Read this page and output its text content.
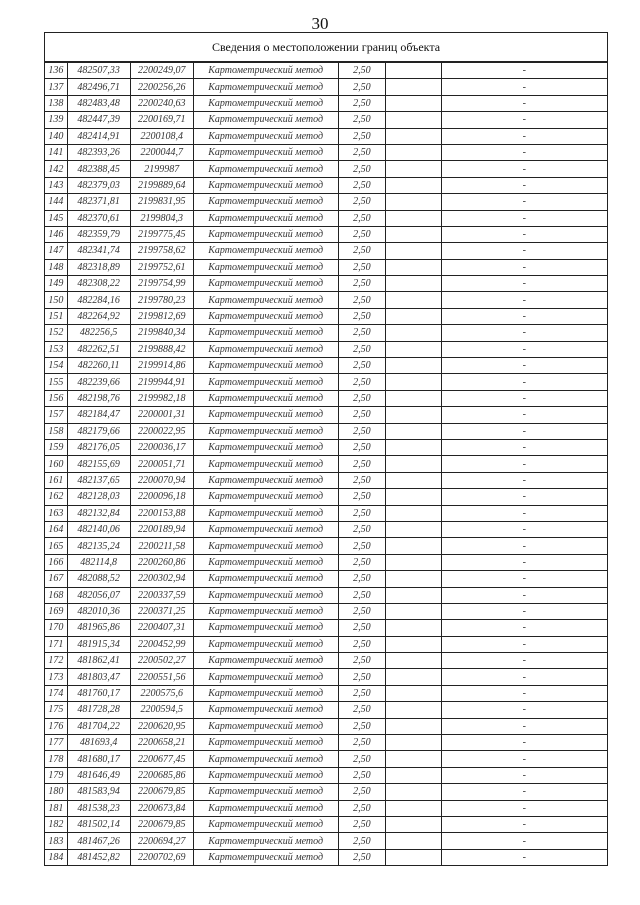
30
Сведения о местоположении границ объекта
136	482507,33	2200249,07	Картометрический метод	2,50		-
137	482496,71	2200256,26	Картометрический метод	2,50		-
138	482483,48	2200240,63	Картометрический метод	2,50		-
139	482447,39	2200169,71	Картометрический метод	2,50		-
140	482414,91	2200108,4	Картометрический метод	2,50		-
141	482393,26	2200044,7	Картометрический метод	2,50		-
142	482388,45	2199987	Картометрический метод	2,50		-
143	482379,03	2199889,64	Картометрический метод	2,50		-
144	482371,81	2199831,95	Картометрический метод	2,50		-
145	482370,61	2199804,3	Картометрический метод	2,50		-
146	482359,79	2199775,45	Картометрический метод	2,50		-
147	482341,74	2199758,62	Картометрический метод	2,50		-
148	482318,89	2199752,61	Картометрический метод	2,50		-
149	482308,22	2199754,99	Картометрический метод	2,50		-
150	482284,16	2199780,23	Картометрический метод	2,50		-
151	482264,92	2199812,69	Картометрический метод	2,50		-
152	482256,5	2199840,34	Картометрический метод	2,50		-
153	482262,51	2199888,42	Картометрический метод	2,50		-
154	482260,11	2199914,86	Картометрический метод	2,50		-
155	482239,66	2199944,91	Картометрический метод	2,50		-
156	482198,76	2199982,18	Картометрический метод	2,50		-
157	482184,47	2200001,31	Картометрический метод	2,50		-
158	482179,66	2200022,95	Картометрический метод	2,50		-
159	482176,05	2200036,17	Картометрический метод	2,50		-
160	482155,69	2200051,71	Картометрический метод	2,50		-
161	482137,65	2200070,94	Картометрический метод	2,50		-
162	482128,03	2200096,18	Картометрический метод	2,50		-
163	482132,84	2200153,88	Картометрический метод	2,50		-
164	482140,06	2200189,94	Картометрический метод	2,50		-
165	482135,24	2200211,58	Картометрический метод	2,50		-
166	482114,8	2200260,86	Картометрический метод	2,50		-
167	482088,52	2200302,94	Картометрический метод	2,50		-
168	482056,07	2200337,59	Картометрический метод	2,50		-
169	482010,36	2200371,25	Картометрический метод	2,50		-
170	481965,86	2200407,31	Картометрический метод	2,50		-
171	481915,34	2200452,99	Картометрический метод	2,50		-
172	481862,41	2200502,27	Картометрический метод	2,50		-
173	481803,47	2200551,56	Картометрический метод	2,50		-
174	481760,17	2200575,6	Картометрический метод	2,50		-
175	481728,28	2200594,5	Картометрический метод	2,50		-
176	481704,22	2200620,95	Картометрический метод	2,50		-
177	481693,4	2200658,21	Картометрический метод	2,50		-
178	481680,17	2200677,45	Картометрический метод	2,50		-
179	481646,49	2200685,86	Картометрический метод	2,50		-
180	481583,94	2200679,85	Картометрический метод	2,50		-
181	481538,23	2200673,84	Картометрический метод	2,50		-
182	481502,14	2200679,85	Картометрический метод	2,50		-
183	481467,26	2200694,27	Картометрический метод	2,50		-
184	481452,82	2200702,69	Картометрический метод	2,50		-
